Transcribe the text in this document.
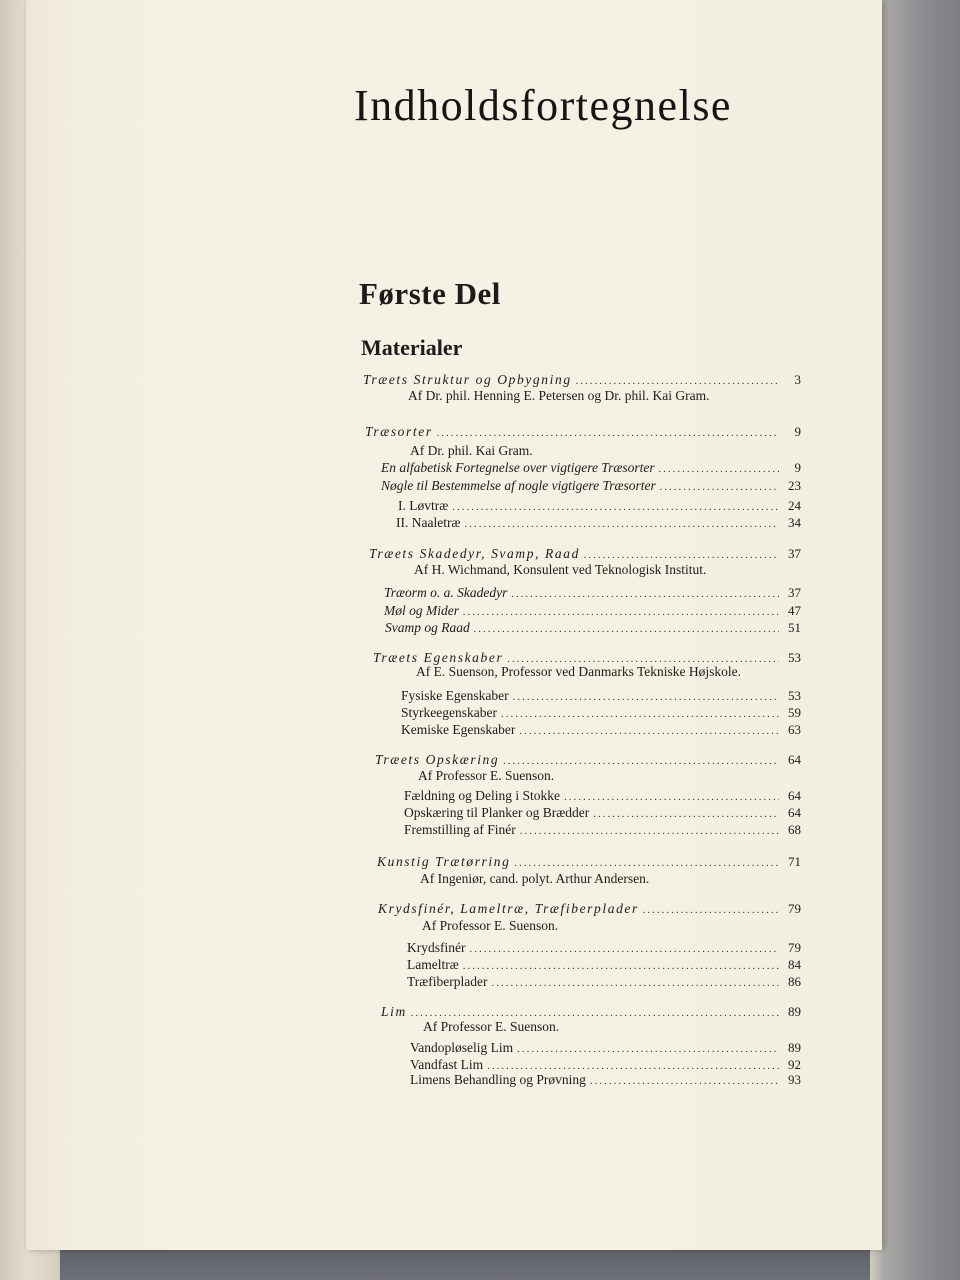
Indholdsfortegnelse
Første Del
Materialer
Træets Struktur og Opbygning .....	3
Af Dr. phil. Henning E. Petersen og Dr. phil. Kai Gram.
Træsorter .....	9
Af Dr. phil. Kai Gram.
En alfabetisk Fortegnelse over vigtigere Træsorter .....	9
Nøgle til Bestemmelse af nogle vigtigere Træsorter .....	23
I. Løvtræ .....	24
II. Naaletræ .....	34
Træets Skadedyr, Svamp, Raad .....	37
Af H. Wichmand, Konsulent ved Teknologisk Institut.
Træorm o. a. Skadedyr .....	37
Møl og Mider .....	47
Svamp og Raad .....	51
Træets Egenskaber .....	53
Af E. Suenson, Professor ved Danmarks Tekniske Højskole.
Fysiske Egenskaber .....	53
Styrkeegenskaber .....	59
Kemiske Egenskaber .....	63
Træets Opskæring .....	64
Af Professor E. Suenson.
Fældning og Deling i Stokke .....	64
Opskæring til Planker og Brædder .....	64
Fremstilling af Finér .....	68
Kunstig Trætørring .....	71
Af Ingeniør, cand. polyt. Arthur Andersen.
Krydsfinér, Lameltræ, Træfiberplader .....	79
Af Professor E. Suenson.
Krydsfinér .....	79
Lameltræ .....	84
Træfiberplader .....	86
Lim .....	89
Af Professor E. Suenson.
Vandopløselig Lim .....	89
Vandfast Lim .....	92
Limens Behandling og Prøvning .....	93
